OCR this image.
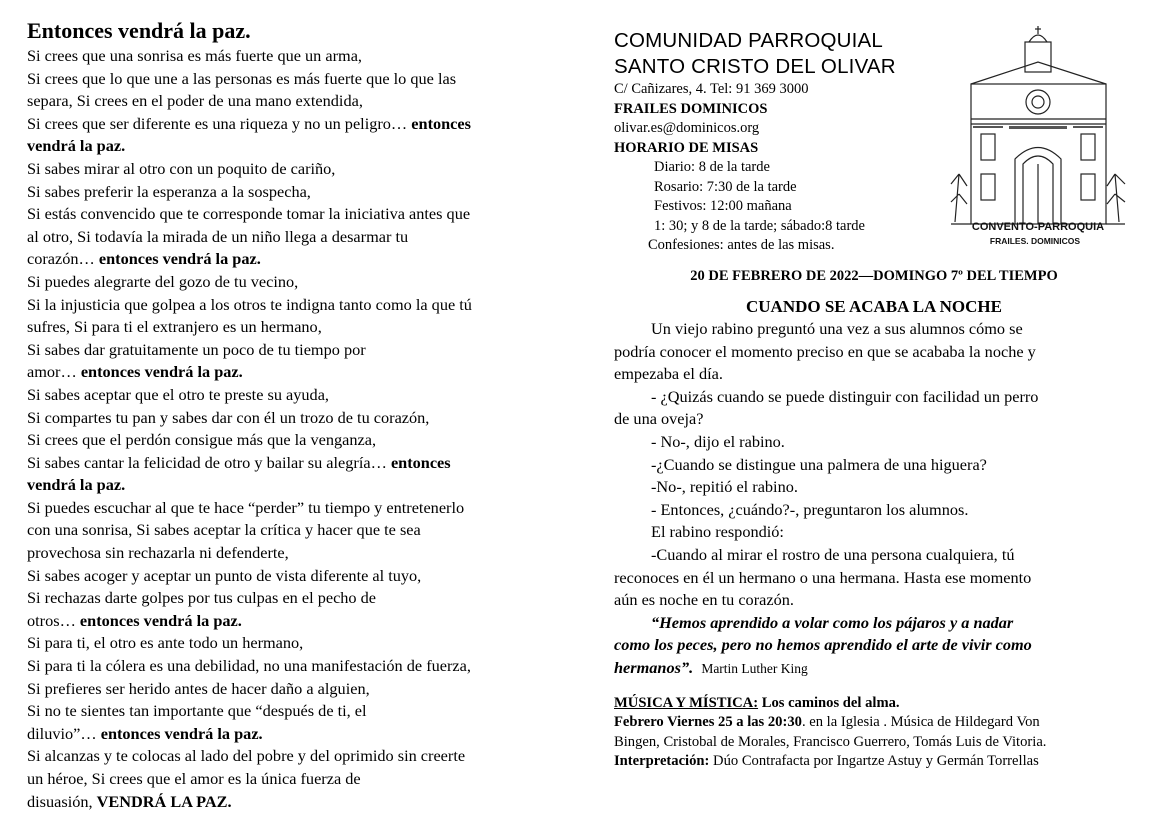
Entonces vendrá la paz.
Si crees que una sonrisa es más fuerte que un arma,
Si crees que lo que une a las personas es más fuerte que lo que las
separa, Si crees en el poder de una mano extendida,
Si crees que ser diferente es una riqueza y no un peligro… entonces
vendrá la paz.
Si sabes mirar al otro con un poquito de cariño,
Si sabes preferir la esperanza a la sospecha,
Si estás convencido que te corresponde tomar la iniciativa antes que
al otro, Si todavía la mirada de un niño llega a desarmar tu
corazón… entonces vendrá la paz.
Si puedes alegrarte del gozo de tu vecino,
Si la injusticia que golpea a los otros te indigna tanto como la que tú
sufres, Si para ti el extranjero es un hermano,
Si sabes dar gratuitamente un poco de tu tiempo por
amor… entonces vendrá la paz.
Si sabes aceptar que el otro te preste su ayuda,
Si compartes tu pan y sabes dar con él un trozo de tu corazón,
Si crees que el perdón consigue más que la venganza,
Si sabes cantar la felicidad de otro y bailar su alegría… entonces
vendrá la paz.
Si puedes escuchar al que te hace “perder” tu tiempo y entretenerlo
con una sonrisa, Si sabes aceptar la crítica y hacer que te sea
provechosa sin rechazarla ni defenderte,
Si sabes acoger y aceptar un punto de vista diferente al tuyo,
Si rechazas darte golpes por tus culpas en el pecho de
otros… entonces vendrá la paz.
Si para ti, el otro es ante todo un hermano,
Si para ti la cólera es una debilidad, no una manifestación de fuerza,
Si prefieres ser herido antes de hacer daño a alguien,
Si no te sientes tan importante que “después de ti, el
diluvio”… entonces vendrá la paz.
Si alcanzas y te colocas al lado del pobre y del oprimido sin creerte
un héroe, Si crees que el amor es la única fuerza de
disuasión, VENDRÁ LA PAZ.
COMUNIDAD PARROQUIAL
SANTO CRISTO DEL OLIVAR
C/ Cañizares, 4. Tel: 91 369 3000
FRAILES DOMINICOS
olivar.es@dominicos.org
HORARIO DE MISAS
Diario: 8 de la tarde
Rosario: 7:30 de la tarde
Festivos: 12:00 mañana
1: 30; y 8 de la tarde; sábado:8 tarde
Confesiones: antes de las misas.
CONVENTO-PARROQUIA
FRAILES. DOMINICOS
20 DE FEBRERO DE 2022—DOMINGO 7º DEL TIEMPO
CUANDO SE ACABA LA NOCHE
Un viejo rabino preguntó una vez a sus alumnos cómo se
podría conocer el momento preciso en que se acababa la noche y
empezaba el día.
- ¿Quizás cuando se puede distinguir con facilidad un perro
de una oveja?
- No-, dijo el rabino.
-¿Cuando se distingue una palmera de una higuera?
-No-, repitió el rabino.
- Entonces, ¿cuándo?-, preguntaron los alumnos.
El rabino respondió:
-Cuando al mirar el rostro de una persona cualquiera, tú
reconoces en él un hermano o una hermana. Hasta ese momento
aún es noche en tu corazón.
“Hemos aprendido a volar como los pájaros y a nadar
como los peces, pero no hemos aprendido el arte de vivir como
hermanos”. Martin Luther King
MÚSICA Y MÍSTICA: Los caminos del alma.
Febrero Viernes 25 a las 20:30. en la Iglesia . Música de Hildegard Von
Bingen, Cristobal de Morales, Francisco Guerrero, Tomás Luis de Vitoria.
Interpretación: Dúo Contrafacta por Ingartze Astuy y Germán Torrellas
